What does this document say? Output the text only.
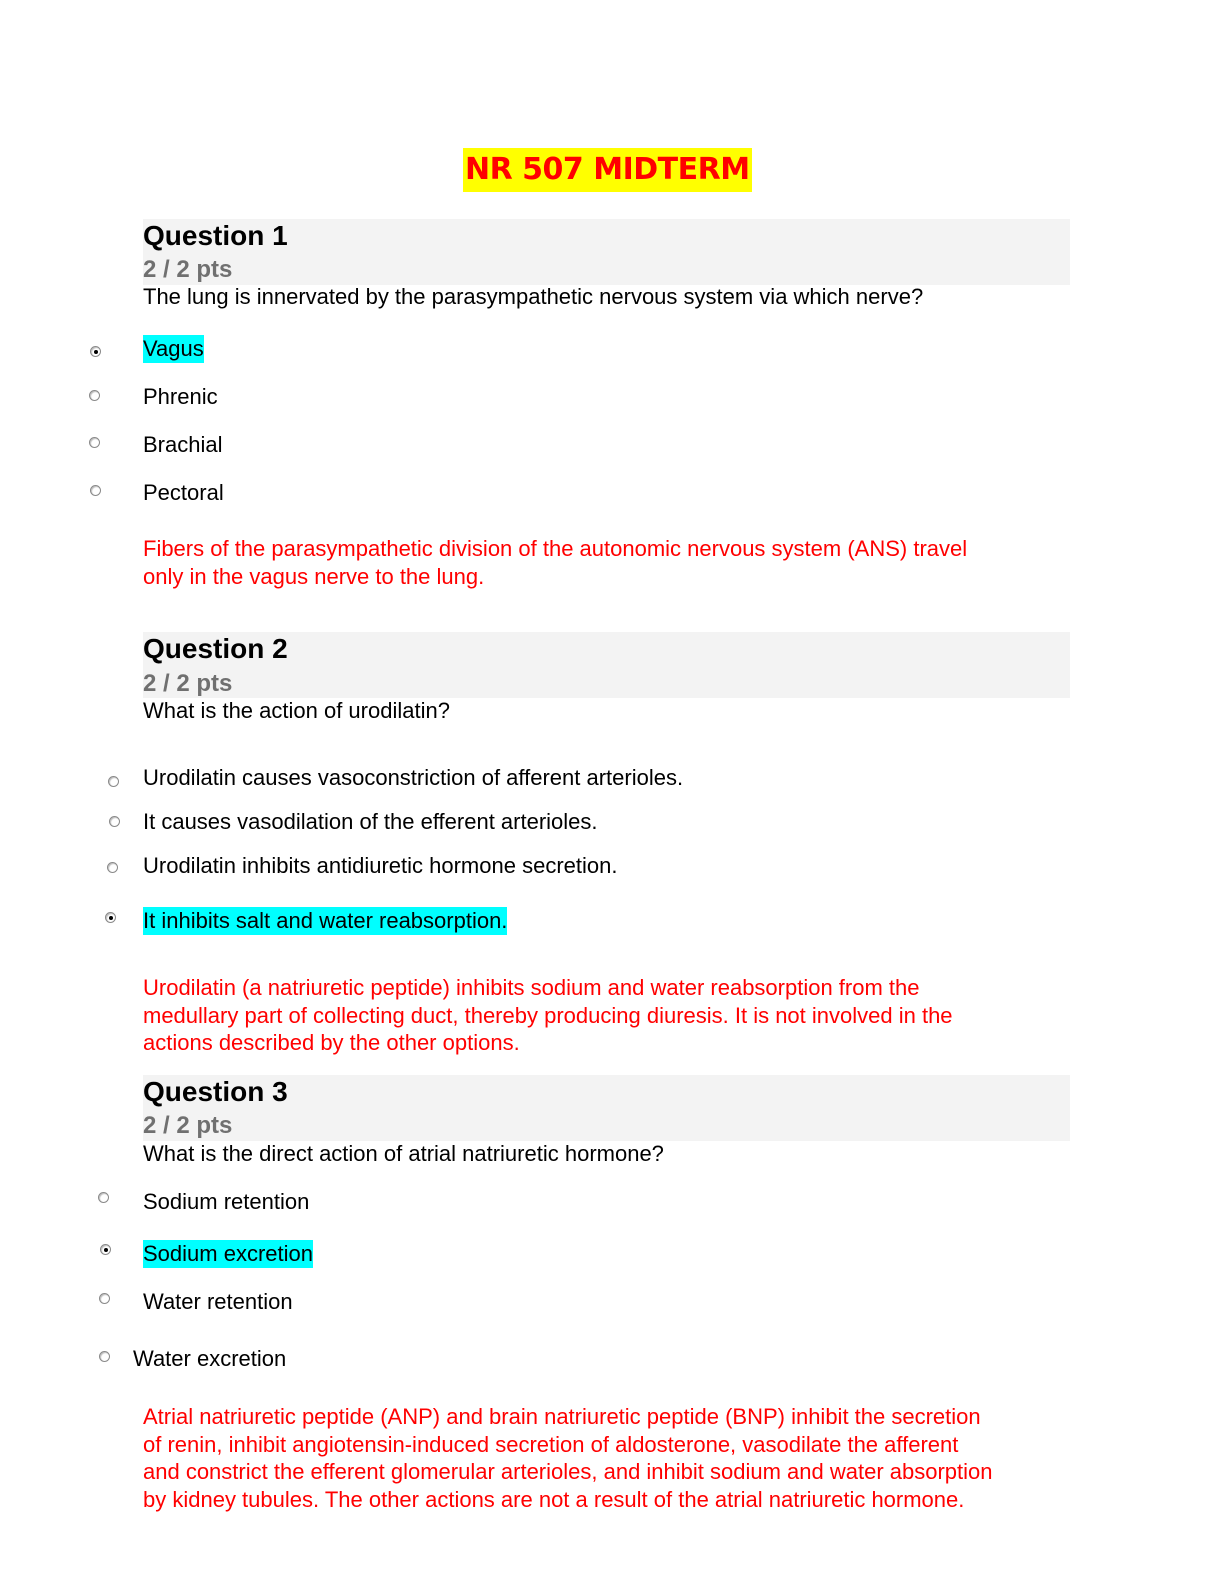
NR 507 MIDTERM
Question 1
2 / 2 pts
The lung is innervated by the parasympathetic nervous system via which nerve?
Vagus
Phrenic
Brachial
Pectoral
Fibers of the parasympathetic division of the autonomic nervous system (ANS) travel
only in the vagus nerve to the lung.
Question 2
2 / 2 pts
What is the action of urodilatin?
Urodilatin causes vasoconstriction of afferent arterioles.
It causes vasodilation of the efferent arterioles.
Urodilatin inhibits antidiuretic hormone secretion.
It inhibits salt and water reabsorption.
Urodilatin (a natriuretic peptide) inhibits sodium and water reabsorption from the
medullary part of collecting duct, thereby producing diuresis. It is not involved in the
actions described by the other options.
Question 3
2 / 2 pts
What is the direct action of atrial natriuretic hormone?
Sodium retention
Sodium excretion
Water retention
Water excretion
Atrial natriuretic peptide (ANP) and brain natriuretic peptide (BNP) inhibit the secretion
of renin, inhibit angiotensin-induced secretion of aldosterone, vasodilate the afferent
and constrict the efferent glomerular arterioles, and inhibit sodium and water absorption
by kidney tubules. The other actions are not a result of the atrial natriuretic hormone.
